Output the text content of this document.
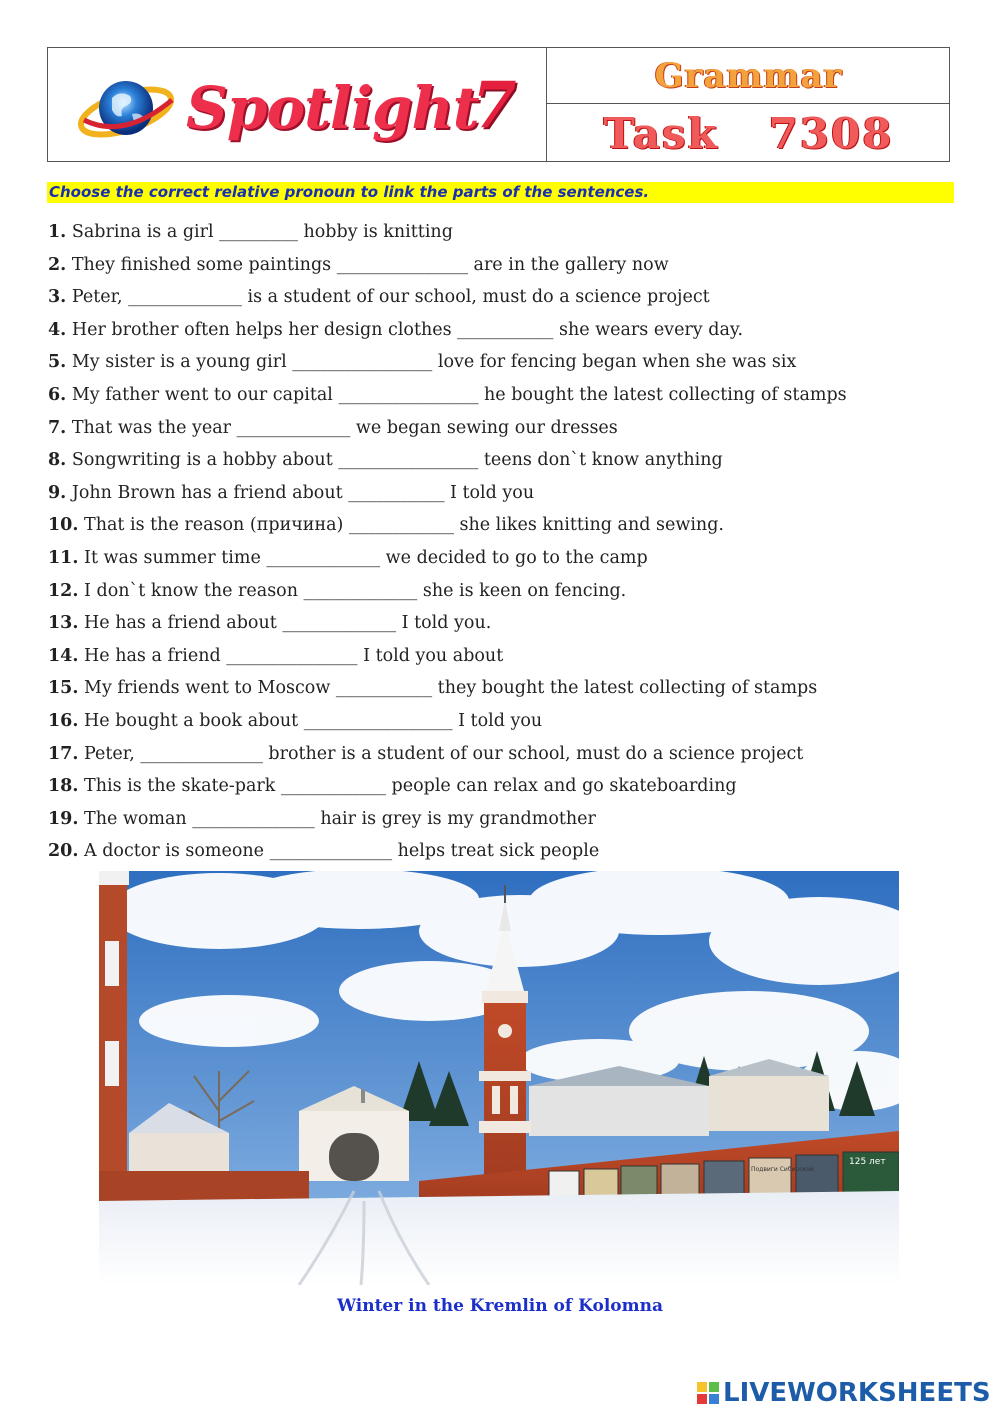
Spotlight
7	Grammar
Task   7308
Choose the correct relative pronoun to link the parts of the sentences.
1. Sabrina is a girl _________ hobby is knitting
2. They finished some paintings _______________ are in the gallery now
3. Peter, _____________ is a student of our school, must do a science project
4. Her brother often helps her design clothes ___________ she wears every day.
5. My sister is a young girl ________________ love for fencing began when she was six
6. My father went to our capital ________________ he bought the latest collecting of stamps
7. That was the year _____________ we began sewing our dresses
8. Songwriting is a hobby about ________________ teens don`t know anything
9. John Brown has a friend about ___________ I told you
10. That is the reason (причина) ____________ she likes knitting and sewing.
11. It was summer time _____________ we decided to go to the camp
12. I don`t know the reason _____________ she is keen on fencing.
13. He has a friend about _____________ I told you.
14. He has a friend _______________ I told you about
15. My friends went to Moscow ___________ they bought the latest collecting of stamps
16. He bought a book about _________________ I told you
17. Peter, ______________ brother is a student of our school, must do a science project
18. This is the skate-park ____________ people can relax and go skateboarding
19. The woman ______________ hair is grey is my grandmother
20. A doctor is someone ______________ helps treat sick people
125 лет
Подвиги Сибирской
Winter in the Kremlin of Kolomna
LIVEWORKSHEETS
